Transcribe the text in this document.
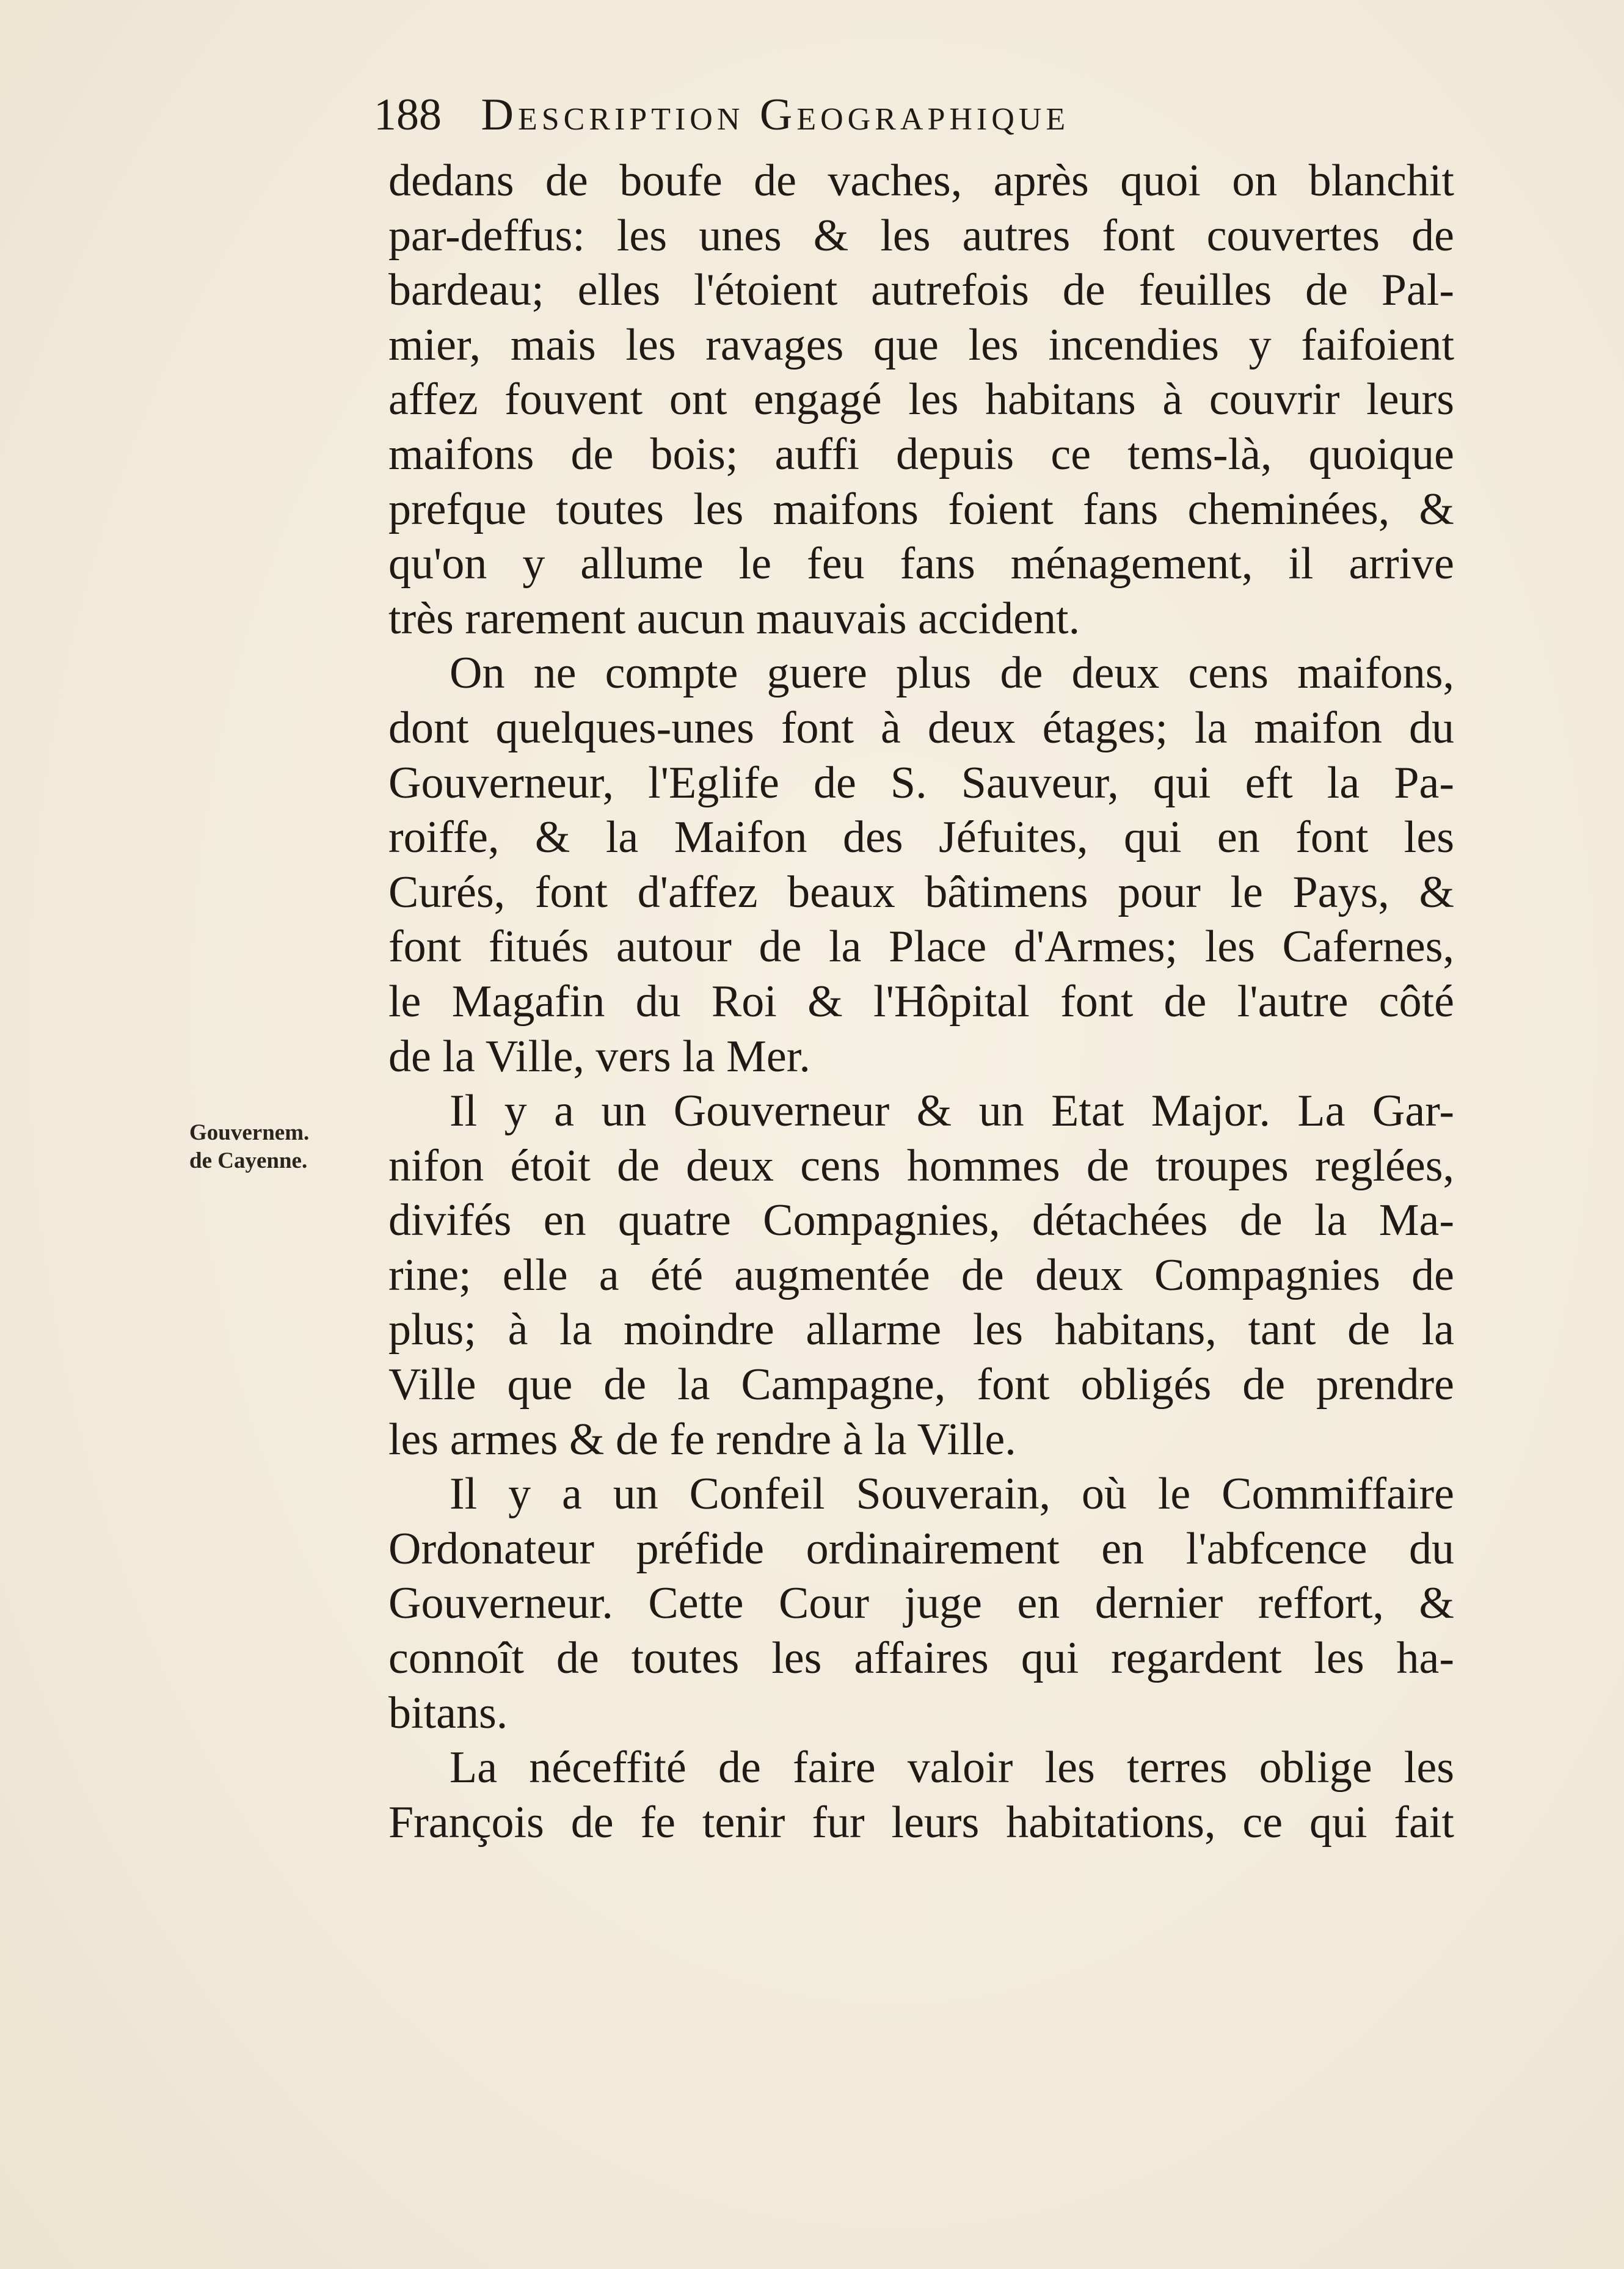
188 Description Geographique
Gouvernem.
de Cayenne.
dedans de boufe de vaches, après quoi on blanchit
par-deffus: les unes & les autres font couvertes de
bardeau; elles l'étoient autrefois de feuilles de Pal-
mier, mais les ravages que les incendies y faifoient
affez fouvent ont engagé les habitans à couvrir leurs
maifons de bois; auffi depuis ce tems-là, quoique
prefque toutes les maifons foient fans cheminées, &
qu'on y allume le feu fans ménagement, il arrive
très rarement aucun mauvais accident.
On ne compte guere plus de deux cens maifons,
dont quelques-unes font à deux étages; la maifon du
Gouverneur, l'Eglife de S. Sauveur, qui eft la Pa-
roiffe, & la Maifon des Jéfuites, qui en font les
Curés, font d'affez beaux bâtimens pour le Pays, &
font fitués autour de la Place d'Armes; les Cafernes,
le Magafin du Roi & l'Hôpital font de l'autre côté
de la Ville, vers la Mer.
Il y a un Gouverneur & un Etat Major. La Gar-
nifon étoit de deux cens hommes de troupes reglées,
divifés en quatre Compagnies, détachées de la Ma-
rine; elle a été augmentée de deux Compagnies de
plus; à la moindre allarme les habitans, tant de la
Ville que de la Campagne, font obligés de prendre
les armes & de fe rendre à la Ville.
Il y a un Confeil Souverain, où le Commiffaire
Ordonateur préfide ordinairement en l'abfcence du
Gouverneur. Cette Cour juge en dernier reffort, &
connoît de toutes les affaires qui regardent les ha-
bitans.
La néceffité de faire valoir les terres oblige les
François de fe tenir fur leurs habitations, ce qui fait
